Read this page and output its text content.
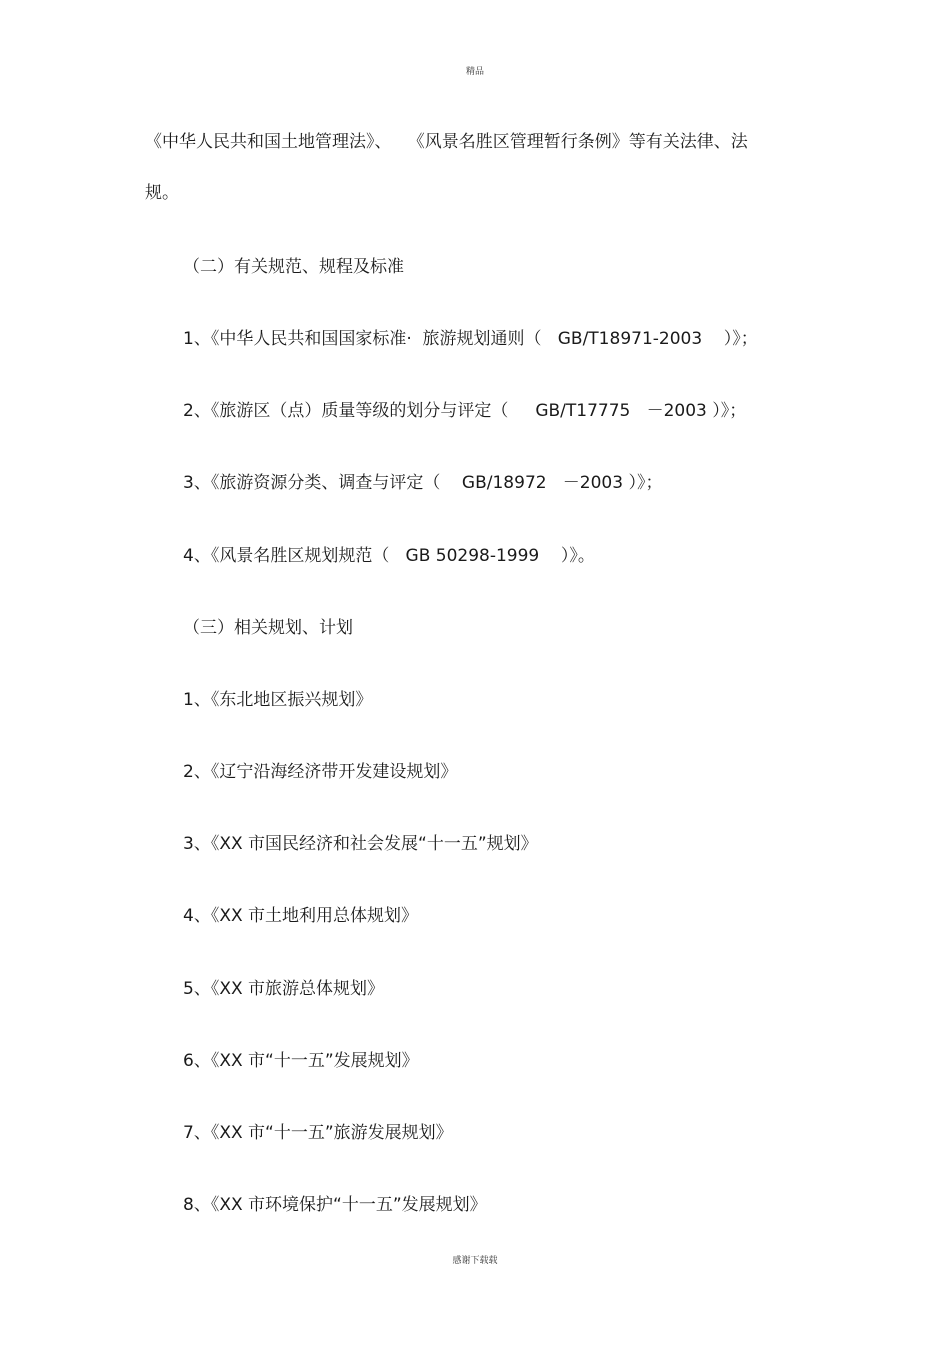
精品
《中华人民共和国土地管理法》、   《风景名胜区管理暂行条例》等有关法律、法
规。
（二）有关规范、规程及标准
1、《中华人民共和国国家标准·  旅游规划通则（   GB/T18971-2003    ）》；
2、《旅游区（点）质量等级的划分与评定（     GB/T17775   －2003 ）》；
3、《旅游资源分类、调查与评定（    GB/18972   －2003 ）》；
4、《风景名胜区规划规范（   GB 50298-1999    ）》。
（三）相关规划、计划
1、《东北地区振兴规划》
2、《辽宁沿海经济带开发建设规划》
3、《XX 市国民经济和社会发展“十一五”规划》
4、《XX 市土地利用总体规划》
5、《XX 市旅游总体规划》
6、《XX 市“十一五”发展规划》
7、《XX 市“十一五”旅游发展规划》
8、《XX 市环境保护“十一五”发展规划》
感谢下载载
